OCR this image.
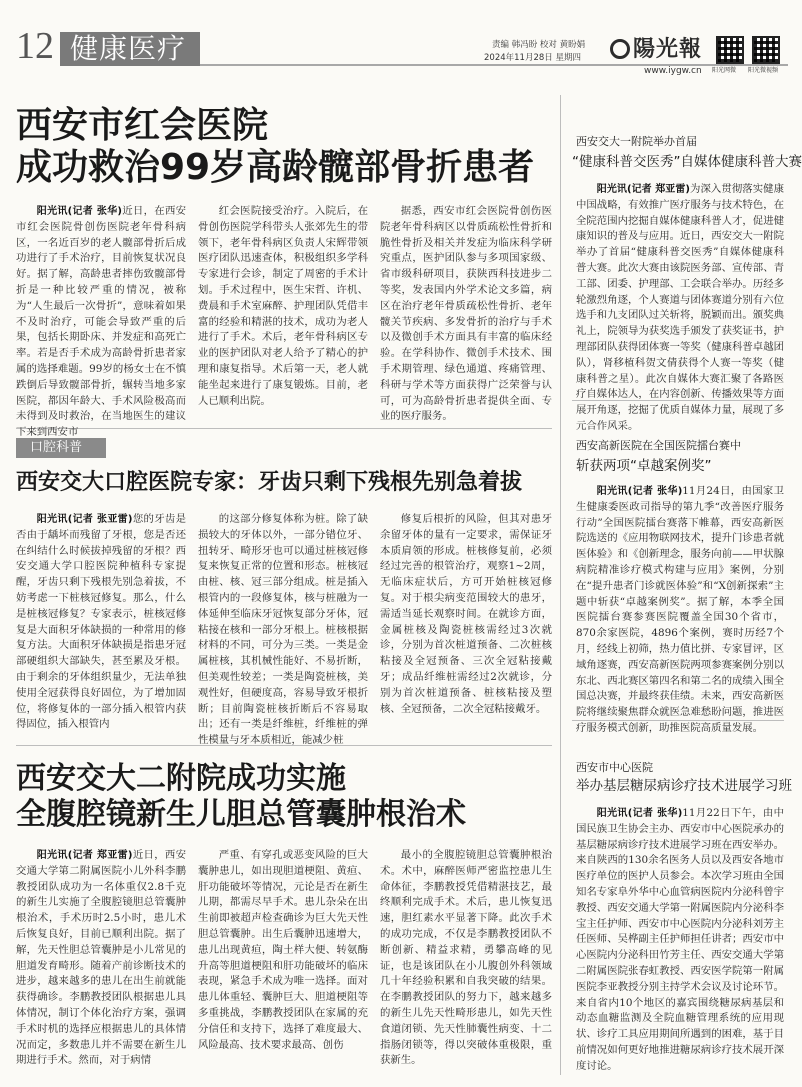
12 健康医疗	责编 韩冯盼 校对 黄盼娟
2024年11月28日 星期四	陽光報
www.iygw.cn 阳光网微 阳光微视频
西安市红会医院
成功救治99岁高龄髋部骨折患者

阳光讯(记者 张华)近日，在西安市红会医院骨创伤医院老年骨科病区，一名近百岁的老人髋部骨折后成功进行了手术治疗，目前恢复状况良好。据了解，高龄患者摔伤致髋部骨折是一种比较严重的情况，被称为“人生最后一次骨折”，意味着如果不及时治疗，可能会导致严重的后果，包括长期卧床、并发症和高死亡率。若是否手术成为高龄骨折患者家属的选择难题。99岁的杨女士在不慎跌倒后导致髋部骨折，辗转当地多家医院，都因年龄大、手术风险极高而未得到及时救治，在当地医生的建议下来到西安市

红会医院接受治疗。入院后，在骨创伤医院学科带头人张郊先生的带领下，老年骨科病区负责人宋辉带领医疗团队迅速查体，积极组织多学科专家进行会诊，制定了周密的手术计划。手术过程中，医生宋哲、许机、费晨和手术室麻醉、护理团队凭借丰富的经验和精湛的技术，成功为老人进行了手术。术后，老年骨科病区专业的医护团队对老人给予了精心的护理和康复指导。术后第一天，老人就能坐起来进行了康复锻炼。目前，老人已顺利出院。

据悉，西安市红会医院骨创伤医院老年骨科病区以骨质疏松性骨折和脆性骨折及相关并发症为临床科学研究重点，医护团队参与多项国家级、省市级科研项目，获陕西科技进步二等奖，发表国内外学术论文多篇，病区在治疗老年骨质疏松性骨折、老年髋关节疾病、多发骨折的治疗与手术以及微创手术方面具有丰富的临床经验。在学科协作、微创手术技术、围手术期管理、绿色通道、疼痛管理、科研与学术等方面获得广泛荣誉与认可，可为高龄骨折患者提供全面、专业的医疗服务。

口腔科普
西安交大口腔医院专家：牙齿只剩下残根先别急着拔

阳光讯(记者 张亚雷)您的牙齿是否由于龋坏而残留了牙根，您是否还在纠结什么时候拔掉残留的牙根？西安交通大学口腔医院种植科专家提醒，牙齿只剩下残根先别急着拔，不妨考虑一下桩核冠修复。那么，什么是桩核冠修复？专家表示，桩核冠修复是大面积牙体缺损的一种常用的修复方法。大面积牙体缺损是指患牙冠部硬组织大部缺失，甚至累及牙根。由于剩余的牙体组织量少，无法单独使用全冠获得良好固位，为了增加固位，将修复体的一部分插入根管内获得固位，插入根管内

的这部分修复体称为桩。除了缺损较大的牙体以外，一部分错位牙、扭转牙、畸形牙也可以通过桩核冠修复来恢复正常的位置和形态。桩核冠由桩、核、冠三部分组成。桩是插入根管内的一段修复体，核与桩融为一体延伸至临床牙冠恢复部分牙体，冠粘接在核和一部分牙根上。桩核根据材料的不同，可分为三类。一类是金属桩核，其机械性能好、不易折断，但美观性较差；一类是陶瓷桩核，美观性好，但硬度高，容易导致牙根折断；目前陶瓷桩核折断后不容易取出；还有一类是纤维桩，纤维桩的弹性模量与牙本质相近，能减少桩

修复后根折的风险，但其对患牙余留牙体的量有一定要求，需保证牙本质肩领的形成。桩核修复前，必须经过完善的根管治疗，观察1~2周，无临床症状后，方可开始桩核冠修复。对于根尖病变范围较大的患牙，需适当延长观察时间。在就诊方面，金属桩核及陶瓷桩核需经过3次就诊，分别为首次桩道预备、二次桩核粘接及全冠预备、三次全冠粘接戴牙；成品纤维桩需经过2次就诊，分别为首次桩道预备、桩核粘接及塑核、全冠预备，二次全冠粘接戴牙。

西安交大二附院成功实施
全腹腔镜新生儿胆总管囊肿根治术

阳光讯(记者 郑亚雷)近日，西安交通大学第二附属医院小儿外科李鹏教授团队成功为一名体重仅2.8千克的新生儿实施了全腹腔镜胆总管囊肿根治术，手术历时2.5小时，患儿术后恢复良好，目前已顺利出院。据了解，先天性胆总管囊肿是小儿常见的胆道发育畸形。随着产前诊断技术的进步，越来越多的患儿在出生前就能获得确诊。李鹏教授团队根据患儿具体情况，制订个体化治疗方案，强调手术时机的选择应根据患儿的具体情况而定，多数患儿并不需要在新生儿期进行手术。然而，对于病情

严重、有穿孔或恶变风险的巨大囊肿患儿，如出现胆道梗阻、黄疸、肝功能破坏等情况，元论是否在新生儿期，都需尽早手术。患儿杂朵在出生前即被超声检查确诊为巨大先天性胆总管囊肿。出生后囊肿迅速增大，患儿出现黄疸，陶土样大便、转氨酶升高等胆道梗阻和肝功能破坏的临床表现，紧急手术成为唯一选择。面对患儿体重轻、囊肿巨大、胆道梗阻等多重挑战，李鹏教授团队在家属的充分信任和支持下，选择了难度最大、风险最高、技术要求最高、创伤

最小的全腹腔镜胆总管囊肿根治术。术中，麻醉医师严密监控患儿生命体征，李鹏教授凭借精湛技艺，最终顺利完成手术。术后，患儿恢复迅速，胆红素水平显著下降。此次手术的成功完成，不仅是李鹏教授团队不断创新、精益求精，勇攀高峰的见证，也是该团队在小儿腹创外科领域几十年经验积累和自我突破的结果。在李鹏教授团队的努力下，越来越多的新生儿先天性畸形患儿，如先天性食道闭锁、先天性肺囊性病变、十二指肠闭锁等，得以突破体重极限，重获新生。

西安交大一附院举办首届
“健康科普交医秀”自媒体健康科普大赛

阳光讯(记者 郑亚雷)为深入贯彻落实健康中国战略，有效推广医疗服务与技术特色，在全院范围内挖掘自媒体健康科普人才，促进健康知识的普及与应用。近日，西安交大一附院举办了首届“健康科普交医秀”自媒体健康科普大赛。此次大赛由该院医务部、宣传部、青工部、团委、护理部、工会联合举办。历经多轮激烈角逐，个人赛道与团体赛道分别有六位选手和九支团队过关斩将，脱颖而出。颁奖典礼上，院领导为获奖选手颁发了获奖证书，护理部团队获得团体赛一等奖（健康科普卓越团队），肾移植科贺文倩获得个人赛一等奖（健康科普之星）。此次自媒体大赛汇聚了各路医疗自媒体达人，在内容创新、传播效果等方面展开角逐，挖掘了优质自媒体力量，展现了多元合作风采。

西安高新医院在全国医院擂台赛中
斩获两项“卓越案例奖”

阳光讯(记者 张华)11月24日，由国家卫生健康委医政司指导的第九季“改善医疗服务行动”全国医院擂台赛落下帷幕，西安高新医院选送的《应用物联网技术，提升门诊患者就医体验》和《创新理念，服务向前——甲状腺病院精准诊疗模式构建与应用》案例，分别在“提升患者门诊就医体验”和“X创新探索”主题中斩获“卓越案例奖”。据了解，本季全国医院擂台赛参赛医院覆盖全国30个省市，870余家医院，4896个案例，赛时历经7个月，经线上初筛，热力值比拼、专家冒评，区域角逐赛，西安高新医院两项参赛案例分别以东北、西北赛区第四名和第二名的成绩入围全国总决赛，并最终获佳绩。未来，西安高新医院将继续聚焦群众就医急难愁盼问题，推进医疗服务模式创新，助推医院高质量发展。

西安市中心医院
举办基层糖尿病诊疗技术进展学习班

阳光讯(记者 张华)11月22日下午，由中国民族卫生协会主办、西安市中心医院承办的基层糖尿病诊疗技术进展学习班在西安举办。来自陕西的130余名医务人员以及西安各地市医疗单位的医护人员参会。本次学习班由全国知名专家阜外华中心血管病医院内分泌科曾宇教授、西安交通大学第一附属医院内分泌科李宝主任护师、西安市中心医院内分泌科刘芳主任医师、吴桦副主任护师担任讲者；西安市中心医院内分泌科田竹芳主任、西安交通大学第二附属医院张春虹教授、西安医学院第一附属医院李亚教授分别主持学术会议及讨论环节。来自省内10个地区的嘉宾围绕糖尿病基层和动态血糖监测及全院血糖管理系统的应用现状、诊疗工具应用期间所遇到的困难，基于目前情况如何更好地推进糖尿病诊疗技术展开深度讨论。
